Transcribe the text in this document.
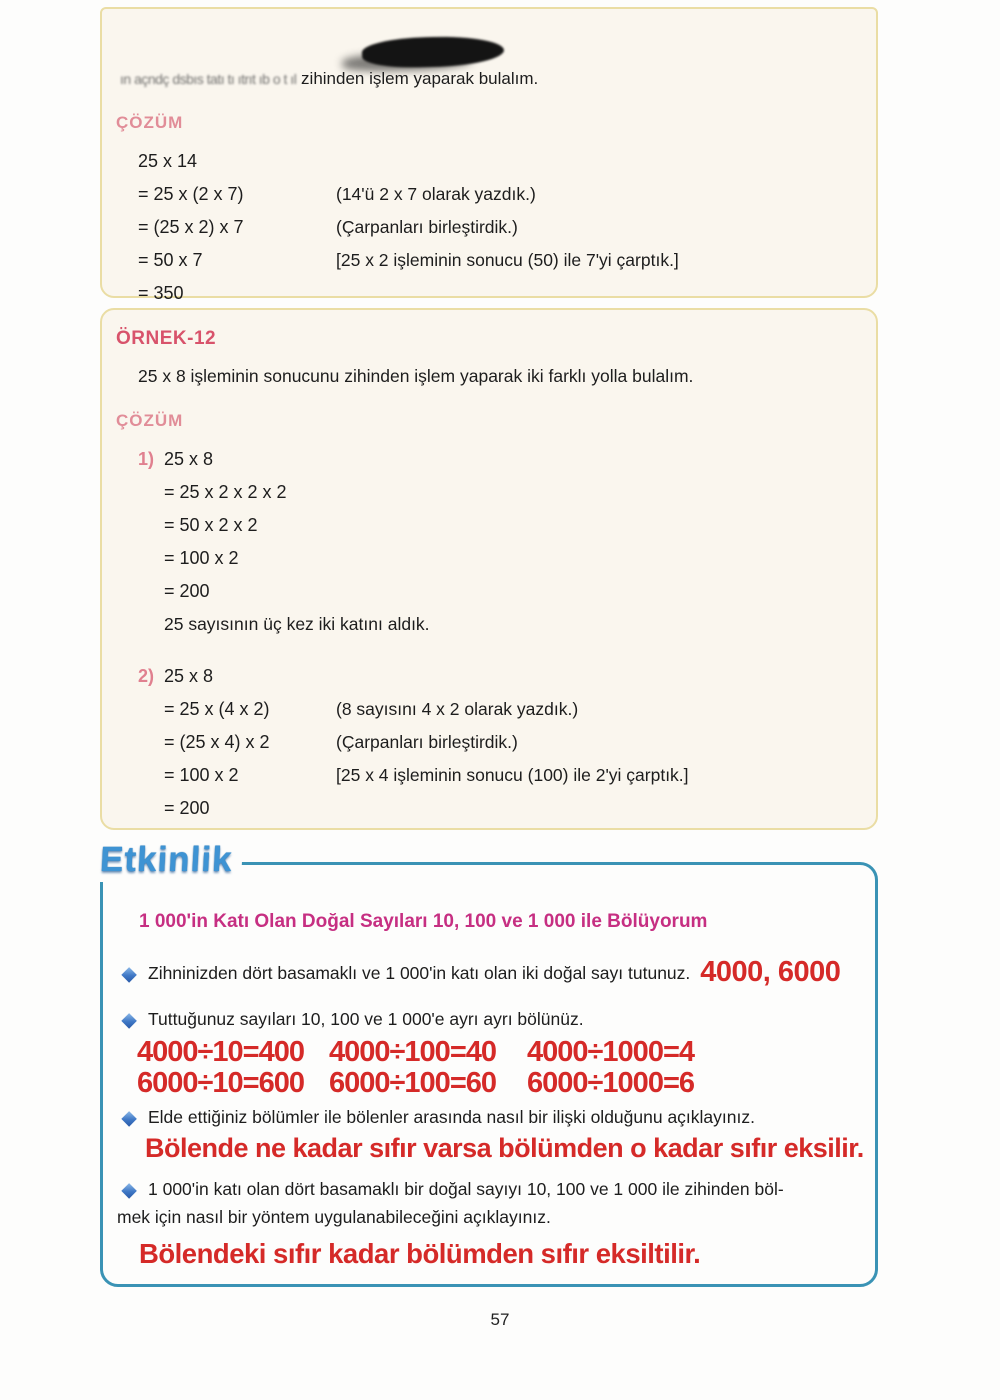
ın açndç dsbıs tatı tı ıtrıt ıb o t ıl zihinden işlem yaparak bulalım.
ÇÖZÜM
25 x 14
= 25 x (2 x 7)	(14'ü 2 x 7 olarak yazdık.)
= (25 x 2) x 7	(Çarpanları birleştirdik.)
= 50 x 7	[25 x 2 işleminin sonucu (50) ile 7'yi çarptık.]
= 350
ÖRNEK-12
25 x 8 işleminin sonucunu zihinden işlem yaparak iki farklı yolla bulalım.
ÇÖZÜM
1) 25 x 8
= 25 x 2 x 2 x 2
= 50 x 2 x 2
= 100 x 2
= 200
25 sayısının üç kez iki katını aldık.
2) 25 x 8
= 25 x (4 x 2)	(8 sayısını 4 x 2 olarak yazdık.)
= (25 x 4) x 2	(Çarpanları birleştirdik.)
= 100 x 2	[25 x 4 işleminin sonucu (100) ile 2'yi çarptık.]
= 200
Etkinlik
1 000'in Katı Olan Doğal Sayıları 10, 100 ve 1 000 ile Bölüyorum
Zihninizden dört basamaklı ve 1 000'in katı olan iki doğal sayı tutunuz. 4000, 6000
Tuttuğunuz sayıları 10, 100 ve 1 000'e ayrı ayrı bölünüz.
4000÷10=400 4000÷100=40	4000÷1000=4
6000÷10=600 6000÷100=60	6000÷1000=6
Elde ettiğiniz bölümler ile bölenler arasında nasıl bir ilişki olduğunu açıklayınız.
Bölende ne kadar sıfır varsa bölümden o kadar sıfır eksilir.
1 000'in katı olan dört basamaklı bir doğal sayıyı 10, 100 ve 1 000 ile zihinden böl-
mek için nasıl bir yöntem uygulanabileceğini açıklayınız.
Bölendeki sıfır kadar bölümden sıfır eksiltilir.
57
